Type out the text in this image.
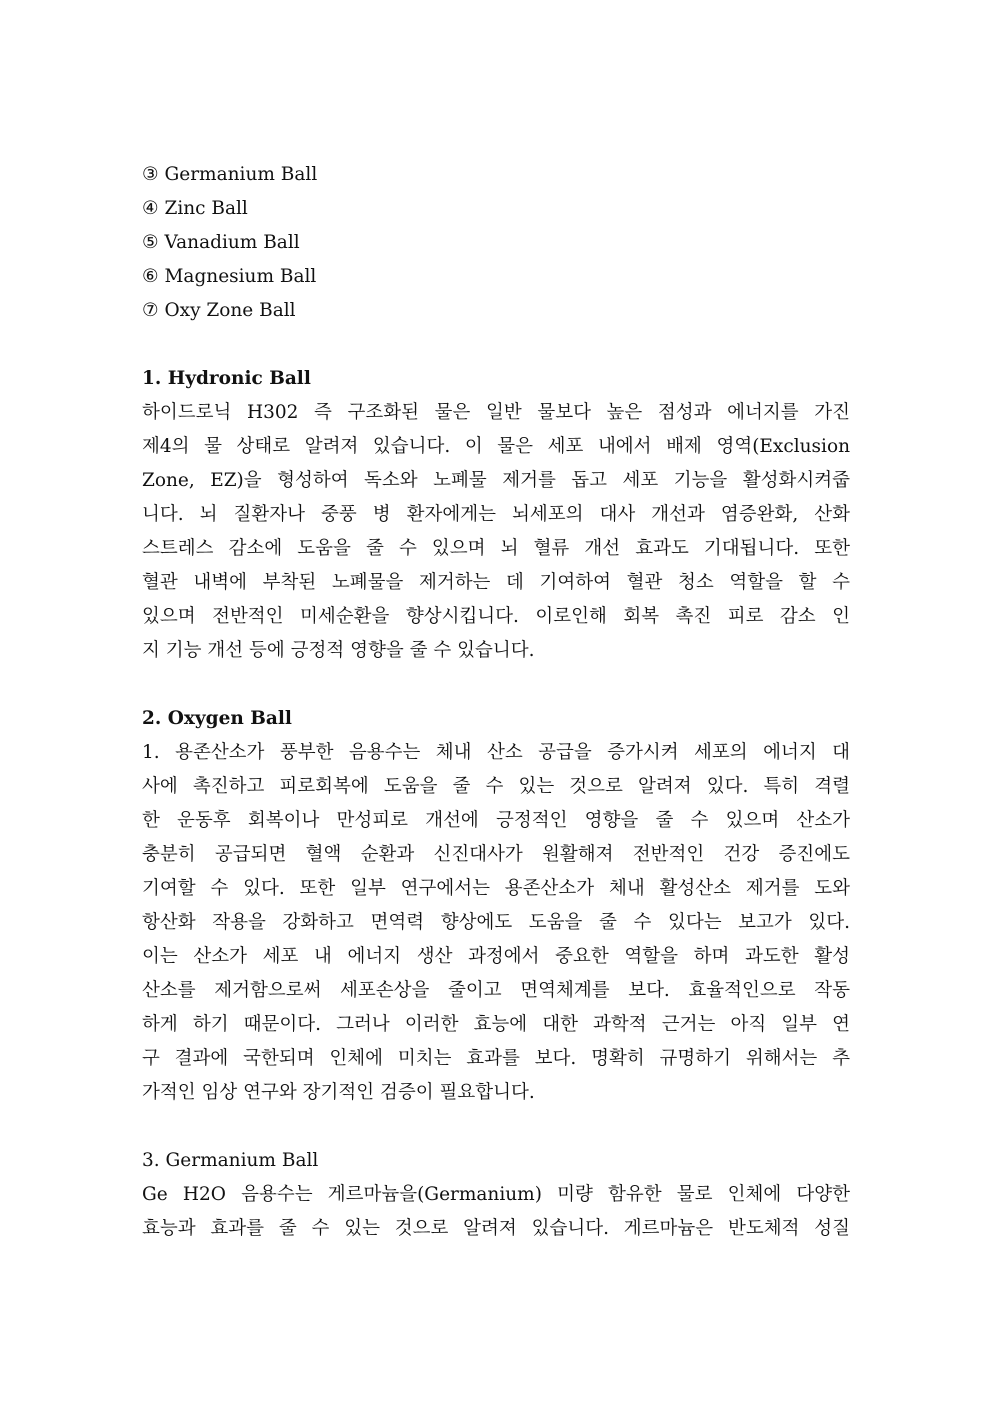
③ Germanium Ball
④ Zinc Ball
⑤ Vanadium Ball
⑥ Magnesium Ball
⑦ Oxy Zone Ball
1. Hydronic Ball
하이드로닉 H302 즉 구조화된 물은 일반 물보다 높은 점성과 에너지를 가진
제4의 물 상태로 알려져 있습니다. 이 물은 세포 내에서 배제 영역(Exclusion
Zone, EZ)을 형성하여 독소와 노폐물 제거를 돕고 세포 기능을 활성화시켜줍
니다. 뇌 질환자나 중풍 병 환자에게는 뇌세포의 대사 개선과 염증완화, 산화
스트레스 감소에 도움을 줄 수 있으며 뇌 혈류 개선 효과도 기대됩니다. 또한
혈관 내벽에 부착된 노폐물을 제거하는 데 기여하여 혈관 청소 역할을 할 수
있으며 전반적인 미세순환을 향상시킵니다. 이로인해 회복 촉진 피로 감소 인
지 기능 개선 등에 긍정적 영향을 줄 수 있습니다.
2. Oxygen Ball
1. 용존산소가 풍부한 음용수는 체내 산소 공급을 증가시켜 세포의 에너지 대
사에 촉진하고 피로회복에 도움을 줄 수 있는 것으로 알려져 있다. 특히 격렬
한 운동후 회복이나 만성피로 개선에 긍정적인 영향을 줄 수 있으며 산소가
충분히 공급되면 혈액 순환과 신진대사가 원활해져 전반적인 건강 증진에도
기여할 수 있다. 또한 일부 연구에서는 용존산소가 체내 활성산소 제거를 도와
항산화 작용을 강화하고 면역력 향상에도 도움을 줄 수 있다는 보고가 있다.
이는 산소가 세포 내 에너지 생산 과정에서 중요한 역할을 하며 과도한 활성
산소를 제거함으로써 세포손상을 줄이고 면역체계를 보다. 효율적인으로 작동
하게 하기 때문이다. 그러나 이러한 효능에 대한 과학적 근거는 아직 일부 연
구 결과에 국한되며 인체에 미치는 효과를 보다. 명확히 규명하기 위해서는 추
가적인 임상 연구와 장기적인 검증이 필요합니다.
3. Germanium Ball
Ge H2O 음용수는 게르마늄을(Germanium) 미량 함유한 물로 인체에 다양한
효능과 효과를 줄 수 있는 것으로 알려져 있습니다. 게르마늄은 반도체적 성질
